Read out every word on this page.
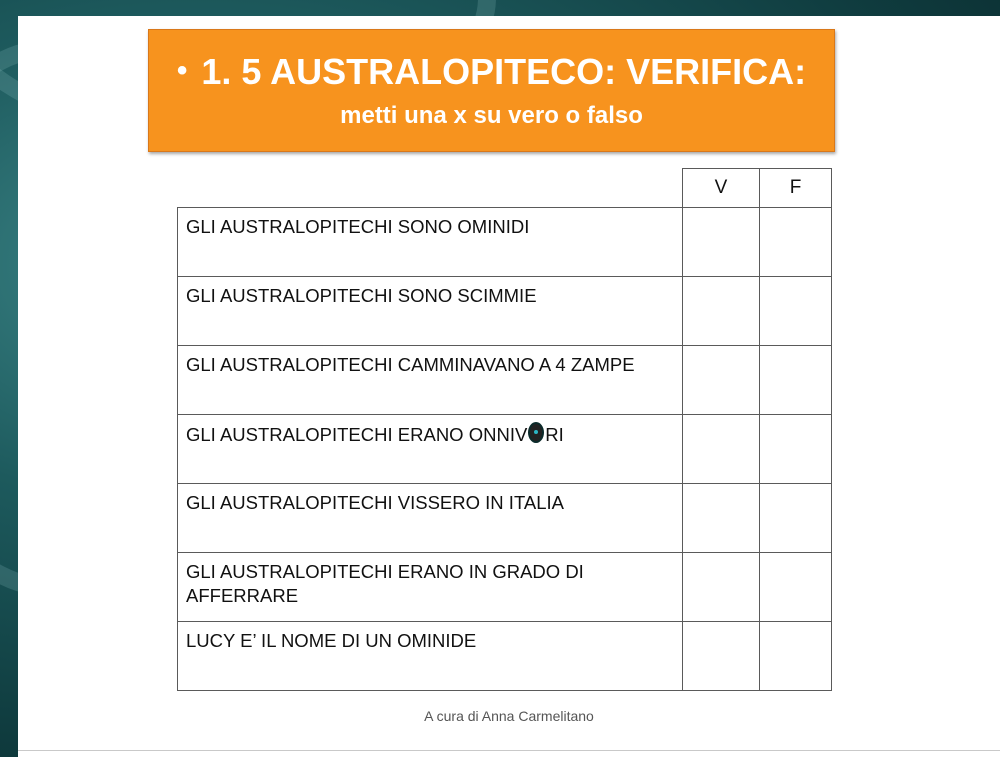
• 1. 5 AUSTRALOPITECO: VERIFICA:
metti una x su vero o falso
	V	F
GLI AUSTRALOPITECHI SONO OMINIDI		
GLI AUSTRALOPITECHI SONO SCIMMIE		
GLI AUSTRALOPITECHI CAMMINAVANO A 4 ZAMPE		
GLI AUSTRALOPITECHI ERANO ONNIV RI		
GLI AUSTRALOPITECHI VISSERO IN ITALIA		
GLI AUSTRALOPITECHI ERANO IN GRADO DI AFFERRARE		
LUCY E’ IL NOME DI UN OMINIDE		
A cura di Anna Carmelitano
